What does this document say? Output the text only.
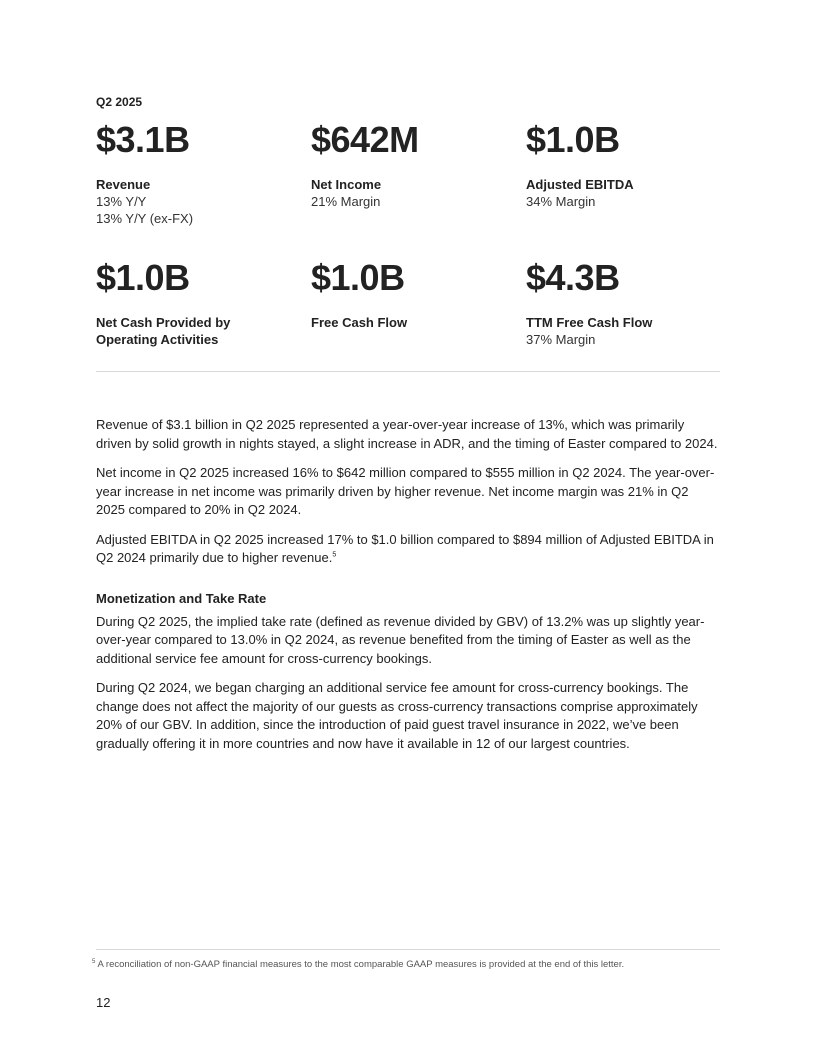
Q2 2025
$3.1B
Revenue
13% Y/Y
13% Y/Y (ex-FX)
$642M
Net Income
21% Margin
$1.0B
Adjusted EBITDA
34% Margin
$1.0B
Net Cash Provided by Operating Activities
$1.0B
Free Cash Flow
$4.3B
TTM Free Cash Flow
37% Margin

Revenue of $3.1 billion in Q2 2025 represented a year-over-year increase of 13%, which was primarily driven by solid growth in nights stayed, a slight increase in ADR, and the timing of Easter compared to 2024.

Net income in Q2 2025 increased 16% to $642 million compared to $555 million in Q2 2024. The year-over-year increase in net income was primarily driven by higher revenue. Net income margin was 21% in Q2 2025 compared to 20% in Q2 2024.

Adjusted EBITDA in Q2 2025 increased 17% to $1.0 billion compared to $894 million of Adjusted EBITDA in Q2 2024 primarily due to higher revenue.$^5$

Monetization and Take Rate

During Q2 2025, the implied take rate (defined as revenue divided by GBV) of 13.2% was up slightly year-over-year compared to 13.0% in Q2 2024, as revenue benefited from the timing of Easter as well as the additional service fee amount for cross-currency bookings.

During Q2 2024, we began charging an additional service fee amount for cross-currency bookings. The change does not affect the majority of our guests as cross-currency transactions comprise approximately 20% of our GBV. In addition, since the introduction of paid guest travel insurance in 2022, we’ve been gradually offering it in more countries and now have it available in 12 of our largest countries.

$^5$ A reconciliation of non-GAAP financial measures to the most comparable GAAP measures is provided at the end of this letter.
12
